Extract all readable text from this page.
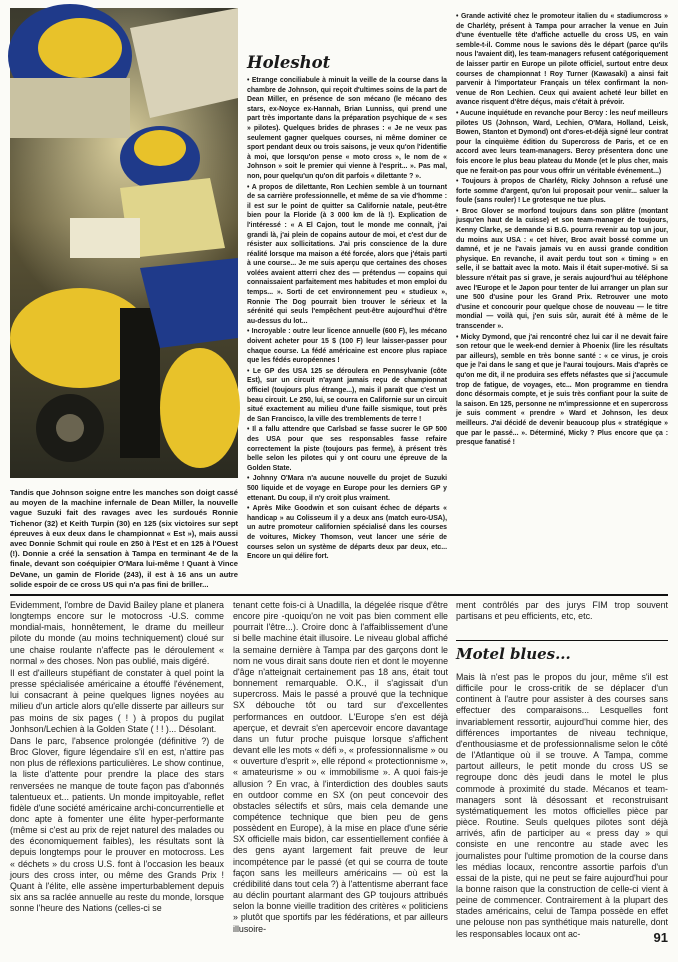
Tandis que Johnson soigne entre les manches son doigt cassé au moyen de la machine infernale de Dean Miller, la nouvelle vague Suzuki fait des ravages avec les surdoués Ronnie Tichenor (32) et Keith Turpin (30) en 125 (six victoires sur sept épreuves à eux deux dans le championnat « Est »), mais aussi avec Donnie Schmit qui roule en 250 à l'Est et en 125 à l'Ouest (!). Donnie a créé la sensation à Tampa en terminant 4e de la finale, devant son coéquipier O'Mara lui-même ! Quant à Vince DeVane, un gamin de Floride (243), il est à 16 ans un autre solide espoir de ce cross US qui n'a pas fini de briller...

Holeshot

• Etrange conciliabule à minuit la veille de la course dans la chambre de Johnson, qui reçoit d'ultimes soins de la part de Dean Miller, en présence de son mécano (le mécano des stars, ex-Noyce ex-Hannah, Brian Lunniss, qui prend une part très importante dans la préparation psychique de « ses » pilotes). Quelques brides de phrases : « Je ne veux pas seulement gagner quelques courses, ni même dominer ce sport pendant deux ou trois saisons, je veux qu'on l'identifie à moi, que lorsqu'on pense « moto cross », le nom de « Johnson » soit le premier qui vienne à l'esprit... ». Pas mal, non, pour quelqu'un qu'on dit parfois « dilettante ? ».

• A propos de dilettante, Ron Lechien semble à un tournant de sa carrière professionnelle, et même de sa vie d'homme : il est sur le point de quitter sa Californie natale, peut-être bien pour la Floride (à 3 000 km de là !). Explication de l'intéressé : « A El Cajon, tout le monde me connaît, j'ai grandi là, j'ai plein de copains autour de moi, et c'est dur de résister aux sollicitations. J'ai pris conscience de la dure réalité lorsque ma maison a été forcée, alors que j'étais parti à une course... Je me suis aperçu que certaines des choses volées avaient atterri chez des — prétendus — copains qui connaissaient parfaitement mes habitudes et mon emploi du temps... ». Sorti de cet environnement peu « studieux », Ronnie The Dog pourrait bien trouver le sérieux et la sérénité qui seuls l'empêchent peut-être aujourd'hui d'être au-dessus du lot...

• Incroyable : outre leur licence annuelle (600 F), les mécano doivent acheter pour 15 $ (100 F) leur laisser-passer pour chaque course. La fédé américaine est encore plus rapiace que les fédés européennes !

• Le GP des USA 125 se déroulera en Pennsylvanie (côte Est), sur un circuit n'ayant jamais reçu de championnat officiel (toujours plus étrange...), mais il paraît que c'est un beau circuit. Le 250, lui, se courra en Californie sur un circuit situé exactement au milieu d'une faille sismique, tout près de San Francisco, la ville des tremblements de terre !

• Il a fallu attendre que Carlsbad se fasse sucrer le GP 500 des USA pour que ses responsables fasse refaire correctement la piste (toujours pas ferme), à présent très belle selon les pilotes qui y ont couru une épreuve de la Golden State.

• Johnny O'Mara n'a aucune nouvelle du projet de Suzuki 500 liquide et de voyage en Europe pour les derniers GP y ettenant. Du coup, il n'y croit plus vraiment.

• Après Mike Goodwin et son cuisant échec de départs « handicap » au Colisseum il y a deux ans (match euro-USA), un autre promoteur californien spécialisé dans les courses de voitures, Mickey Thomson, veut lancer une série de courses selon un système de départs deux par deux, etc... Encore un qui délire fort.

• Grande activité chez le promoteur italien du « stadiumcross » de Charléty, présent à Tampa pour arracher la venue en Juin d'une éventuelle tête d'affiche actuelle du cross US, en vain semble-t-il. Comme nous le savions dès le départ (parce qu'ils nous l'avaient dit), les team-managers refusent catégoriquement de laisser partir en Europe un pilote officiel, surtout entre deux courses de championnat ! Roy Turner (Kawasaki) a ainsi fait parvenir à l'importateur Français un télex confirmant la non-venue de Ron Lechien. Ceux qui avaient acheté leur billet en avance risquent d'être déçus, mais c'était à prévoir.

• Aucune inquiétude en revanche pour Bercy : les neuf meilleurs pilotes US (Johnson, Ward, Lechien, O'Mara, Holland, Leisk, Bowen, Stanton et Dymond) ont d'ores-et-déjà signé leur contrat pour la cinquième édition du Supercross de Paris, et ce en accord avec leurs team-managers. Bercy présentera donc une fois encore le plus beau plateau du Monde (et le plus cher, mais que ne ferait-on pas pour vous offrir un véritable événement...)

• Toujours à propos de Charléty, Ricky Johnson a refusé une forte somme d'argent, qu'on lui proposait pour venir... saluer la foule (sans rouler) ! Le grotesque ne tue plus.

• Broc Glover se morfond toujours dans son plâtre (montant jusqu'en haut de la cuisse) et son team-manager de toujours, Kenny Clarke, se demande si B.G. pourra revenir au top un jour, du moins aux USA : « cet hiver, Broc avait bossé comme un damné, et je ne l'avais jamais vu en aussi grande condition physique. En revanche, il avait perdu tout son « timing » en selle, il se battait avec la moto. Mais il était super-motivé. Si sa blessure n'était pas si grave, je serais aujourd'hui au téléphone avec l'Europe et le Japon pour tenter de lui arranger un plan sur une 500 d'usine pour les Grand Prix. Retrouver une moto d'usine et concourir pour quelque chose de nouveau — le titre mondial — voilà qui, j'en suis sûr, aurait été à même de le transcender ».

• Micky Dymond, que j'ai rencontré chez lui car il ne devait faire son retour que le week-end dernier à Phoenix (lire les résultats par ailleurs), semble en très bonne santé : « ce virus, je crois que je l'ai dans le sang et que je l'aurai toujours. Mais d'après ce qu'on me dit, il ne produira ses effets néfastes que si j'accumule trop de fatigue, de voyages, etc... Mon programme en tiendra donc désormais compte, et je suis très confiant pour la suite de la saison. En 125, personne ne m'impressionne et en supercross je suis comment « prendre » Ward et Johnson, les deux meilleurs. J'ai décidé de devenir beaucoup plus « stratégique » que par le passé... ». Déterminé, Micky ? Plus encore que ça : presque fanatisé !

Evidemment, l'ombre de David Bailey plane et planera longtemps encore sur le motocross -U.S. comme mondial-mais, honnêtement, le drame du meilleur pilote du monde (au moins techniquement) cloué sur une chaise roulante n'affecte pas le déroulement « normal » des choses. Non pas oublié, mais digéré.

Il est d'ailleurs stupéfiant de constater à quel point la presse spécialisée américaine a étouffé l'événement, lui consacrant à peine quelques lignes noyées au milieu d'un article alors qu'elle disserte par ailleurs sur pas moins de six pages ( ! ) à propos du pugilat Jonhson/Lechien à la Golden State ( ! ! )... Désolant.

Dans le parc, l'absence prolongée (définitive ?) de Broc Glover, figure légendaire s'il en est, n'attire pas non plus de réflexions particulières. Le show continue, la liste d'attente pour prendre la place des stars renversées ne manque de toute façon pas d'abonnés talentueux et... patients. Un monde impitoyable, reflet fidèle d'une société américaine archi-concurrentielle et donc apte à fomenter une élite hyper-performante (même si c'est au prix de rejet naturel des malades ou des économiquement faibles), les résultats sont là depuis longtemps pour le prouver en motocross. Les « déchets » du cross U.S. font à l'occasion les beaux jours des cross inter, ou même des Grands Prix ! Quant à l'élite, elle assène imperturbablement depuis six ans sa raclée annuelle au reste du monde, lorsque sonne l'heure des Nations (celles-ci se

tenant cette fois-ci à Unadilla, la dégelée risque d'être encore pire -quoiqu'on ne voit pas bien comment elle pourrait l'être...). Croire donc à l'affaiblissement d'une si belle machine était illusoire. Le niveau global affiché la semaine dernière à Tampa par des garçons dont le nom ne vous dirait sans doute rien et dont le moyenne d'âge n'atteignait certainement pas 18 ans, était tout bonnement remarquable. O.K., il s'agissait d'un supercross. Mais le passé a prouvé que la technique SX débouche tôt ou tard sur d'excellentes performances en outdoor. L'Europe s'en est déjà aperçue, et devrait s'en apercevoir encore davantage dans un futur proche puisque lorsque s'affichent devant elle les mots « défi », « professionnalisme » ou « ouverture d'esprit », elle répond « protectionnisme », « amateurisme » ou « immobilisme ». A quoi fais-je allusion ? En vrac, à l'interdiction des doubles sauts en outdoor comme en SX (on peut concevoir des obstacles sélectifs et sûrs, mais cela demande une compétence technique que bien peu de gens possèdent en Europe), à la mise en place d'une série SX officielle mais bidon, car essentiellement confiée à des gens ayant largement fait preuve de leur incompétence par le passé (et qui se courra de toute façon sans les meilleurs américains — où est la crédibilité dans tout cela ?) à l'attentisme aberrant face au déclin pourtant alarmant des GP toujours attribués selon la bonne vieille tradition des critères « politiciens » plutôt que sportifs par les fédérations, et par ailleurs illusoire-

ment contrôlés par des jurys FIM trop souvent partisans et peu efficients, etc, etc.

Motel blues...

Mais là n'est pas le propos du jour, même s'il est difficile pour le cross-critik de se déplacer d'un continent à l'autre pour assister à des courses sans effectuer des comparaisons... Lesquelles font invariablement ressortir, aujourd'hui comme hier, des différences importantes de niveau technique, d'enthousiasme et de professionnalisme selon le côté de l'Atlantique où il se trouve. A Tampa, comme partout ailleurs, le petit monde du cross US se regroupe donc dès jeudi dans le motel le plus commode à proximité du stade. Mécanos et team-managers sont là désossant et reconstruisant systématiquement les motos officielles pièce par pièce. Routine. Seuls quelques pilotes sont déjà arrivés, afin de participer au « press day » qui consiste en une rencontre au stade avec les journalistes pour l'ultime promotion de la course dans les médias locaux, rencontre assortie parfois d'un essai de la piste, qui ne peut se faire aujourd'hui pour la bonne raison que la construction de celle-ci vient à peine de commencer. Contrairement à la plupart des stades américains, celui de Tampa possède en effet une pelouse non pas synthétique mais naturelle, dont les responsables locaux ont ac-	91
